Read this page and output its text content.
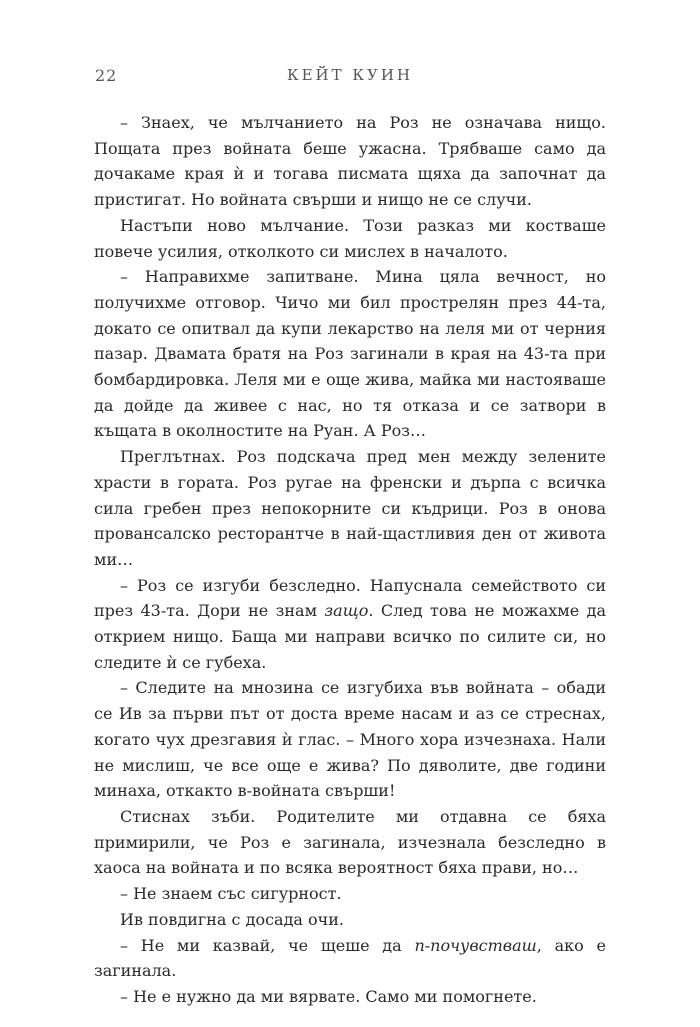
22	КЕЙТ КУИН

– Знаех, че мълчанието на Роз не означава нищо. Пощата през войната беше ужасна. Трябваше само да дочакаме края ѝ и тогава писмата щяха да започнат да пристигат. Но войната свърши и нищо не се случи.

Настъпи ново мълчание. Този разказ ми костваше повече усилия, отколкото си мислех в началото.

– Направихме запитване. Мина цяла вечност, но получихме отговор. Чичо ми бил прострелян през 44-та, докато се опитвал да купи лекарство на леля ми от черния пазар. Двамата братя на Роз загинали в края на 43-та при бомбардировка. Леля ми е още жива, майка ми настояваше да дойде да живее с нас, но тя отказа и се затвори в къщата в околностите на Руан. А Роз…

Преглътнах. Роз подскача пред мен между зелените храсти в гората. Роз ругае на френски и дърпа с всичка сила гребен през непокорните си къдрици. Роз в онова провансалско ресторантче в най-щастливия ден от живота ми…

– Роз се изгуби безследно. Напуснала семейството си през 43-та. Дори не знам защо. След това не можахме да открием нищо. Баща ми направи всичко по силите си, но следите ѝ се губеха.

– Следите на мнозина се изгубиха във войната – обади се Ив за първи път от доста време насам и аз се стреснах, когато чух дрезгавия ѝ глас. – Много хора изчезнаха. Нали не мислиш, че все още е жива? По дяволите, две години минаха, откакто в-войната свърши!

Стиснах зъби. Родителите ми отдавна се бяха примирили, че Роз е загинала, изчезнала безследно в хаоса на войната и по всяка вероятност бяха прави, но…

– Не знаем със сигурност.

Ив повдигна с досада очи.

– Не ми казвай, че щеше да п-почувстваш, ако е загинала.

– Не е нужно да ми вярвате. Само ми помогнете.
